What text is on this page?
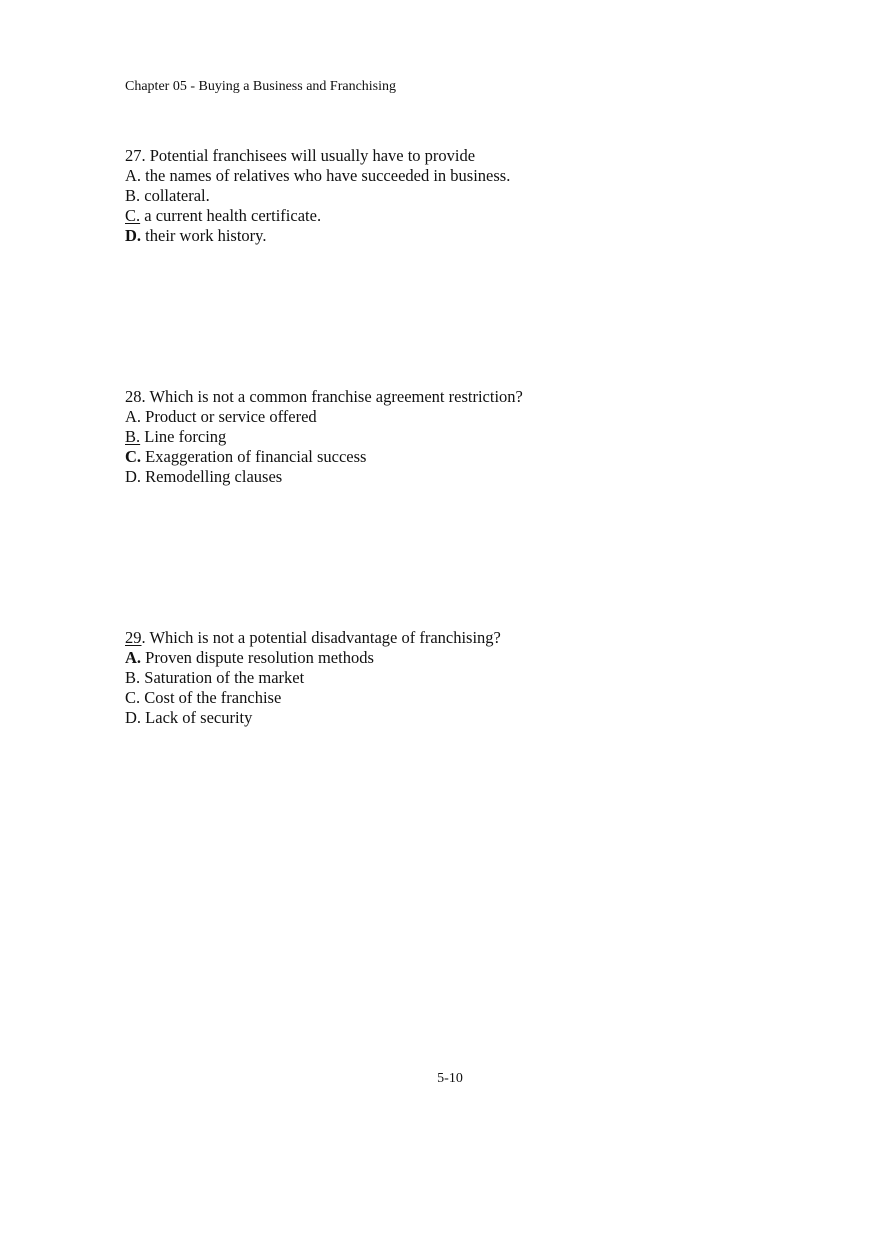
Chapter 05 - Buying a Business and Franchising
27. Potential franchisees will usually have to provide
A. the names of relatives who have succeeded in business.
B. collateral.
C. a current health certificate.
D. their work history.
28. Which is not a common franchise agreement restriction?
A. Product or service offered
B. Line forcing
C. Exaggeration of financial success
D. Remodelling clauses
29. Which is not a potential disadvantage of franchising?
A. Proven dispute resolution methods
B. Saturation of the market
C. Cost of the franchise
D. Lack of security
5-10
